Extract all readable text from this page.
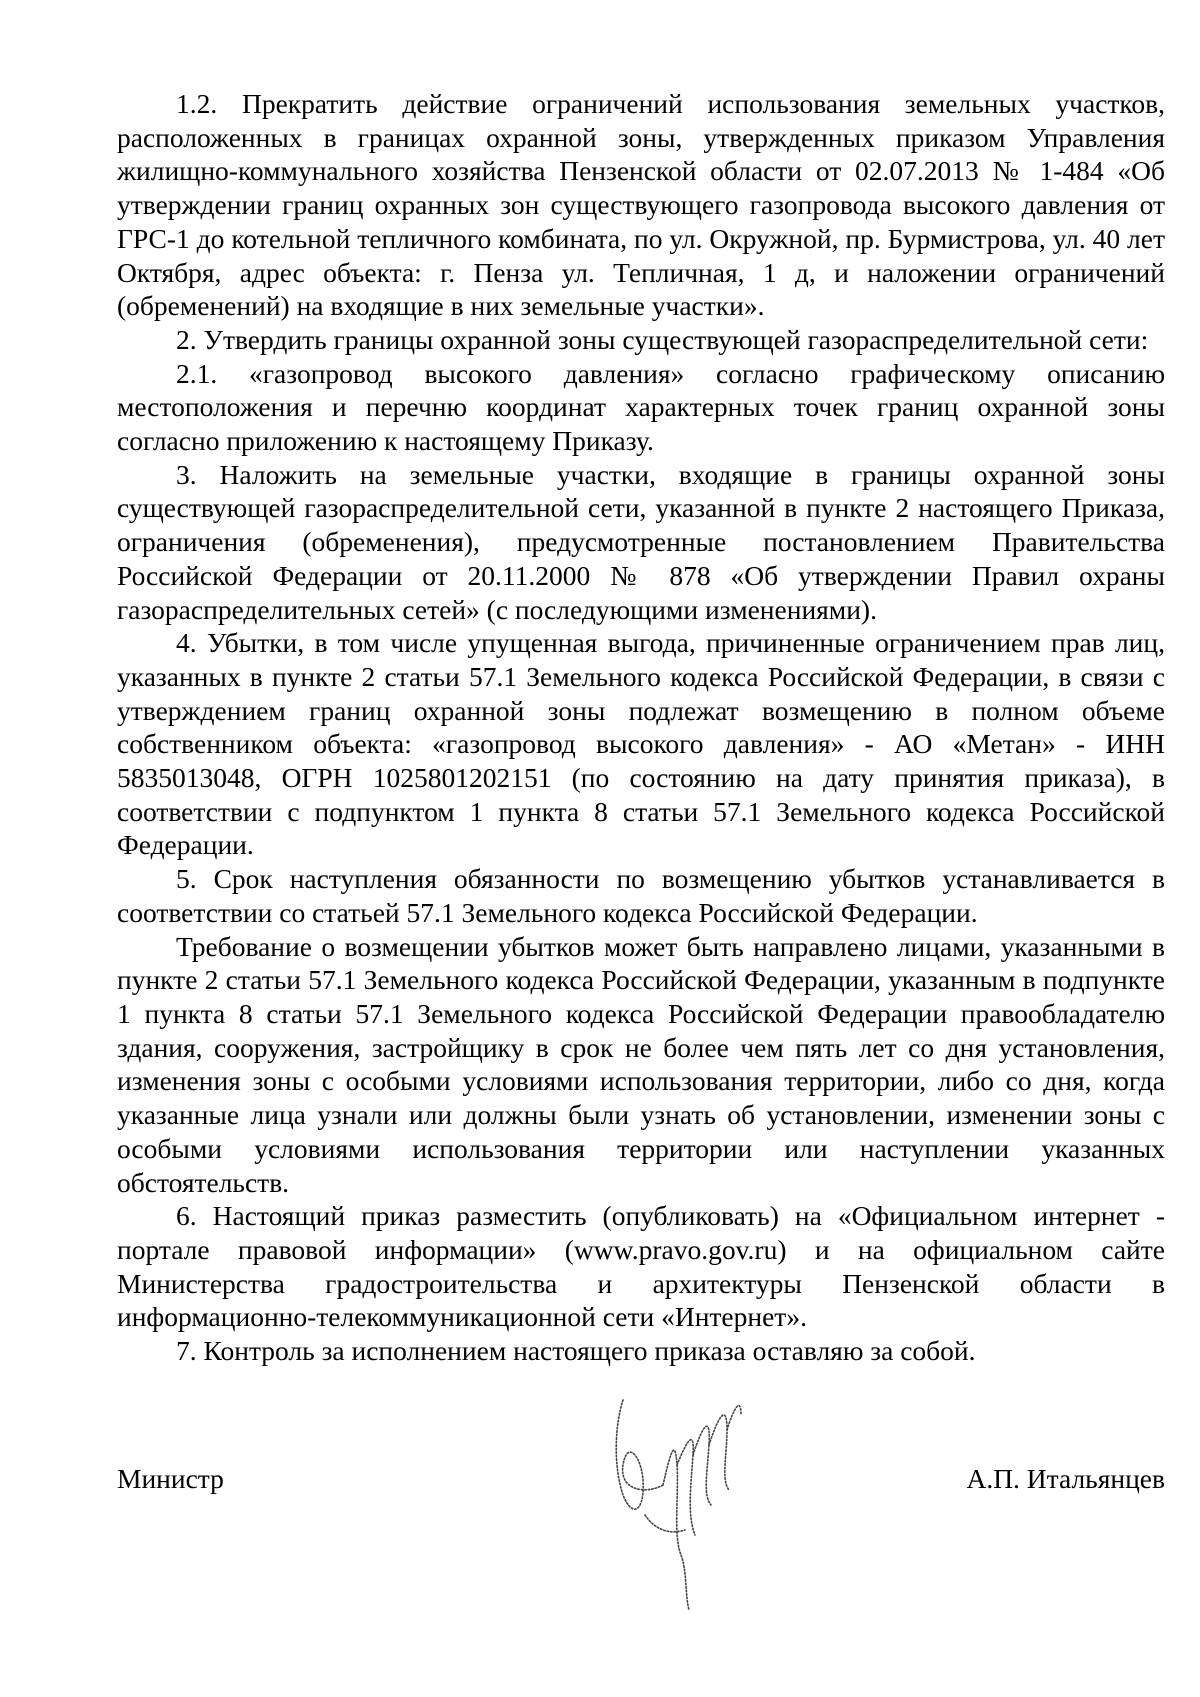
1.2. Прекратить действие ограничений использования земельных участков, расположенных в границах охранной зоны, утвержденных приказом Управления жилищно-коммунального хозяйства Пензенской области от 02.07.2013 № 1-484 «Об утверждении границ охранных зон существующего газопровода высокого давления от ГРС-1 до котельной тепличного комбината, по ул. Окружной, пр. Бурмистрова, ул. 40 лет Октября, адрес объекта: г. Пенза ул. Тепличная, 1 д, и наложении ограничений (обременений) на входящие в них земельные участки».

2. Утвердить границы охранной зоны существующей газораспределительной сети:

2.1. «газопровод высокого давления» согласно графическому описанию местоположения и перечню координат характерных точек границ охранной зоны согласно приложению к настоящему Приказу.

3. Наложить на земельные участки, входящие в границы охранной зоны существующей газораспределительной сети, указанной в пункте 2 настоящего Приказа, ограничения (обременения), предусмотренные постановлением Правительства Российской Федерации от 20.11.2000 № 878 «Об утверждении Правил охраны газораспределительных сетей» (с последующими изменениями).

4. Убытки, в том числе упущенная выгода, причиненные ограничением прав лиц, указанных в пункте 2 статьи 57.1 Земельного кодекса Российской Федерации, в связи с утверждением границ охранной зоны подлежат возмещению в полном объеме собственником объекта: «газопровод высокого давления» - АО «Метан» - ИНН 5835013048, ОГРН 1025801202151 (по состоянию на дату принятия приказа), в соответствии с подпунктом 1 пункта 8 статьи 57.1 Земельного кодекса Российской Федерации.

5. Срок наступления обязанности по возмещению убытков устанавливается в соответствии со статьей 57.1 Земельного кодекса Российской Федерации.

Требование о возмещении убытков может быть направлено лицами, указанными в пункте 2 статьи 57.1 Земельного кодекса Российской Федерации, указанным в подпункте 1 пункта 8 статьи 57.1 Земельного кодекса Российской Федерации правообладателю здания, сооружения, застройщику в срок не более чем пять лет со дня установления, изменения зоны с особыми условиями использования территории, либо со дня, когда указанные лица узнали или должны были узнать об установлении, изменении зоны с особыми условиями использования территории или наступлении указанных обстоятельств.

6. Настоящий приказ разместить (опубликовать) на «Официальном интернет - портале правовой информации» (www.pravo.gov.ru) и на официальном сайте Министерства градостроительства и архитектуры Пензенской области в информационно-телекоммуникационной сети «Интернет».

7. Контроль за исполнением настоящего приказа оставляю за собой.

Министр	А.П. Итальянцев
